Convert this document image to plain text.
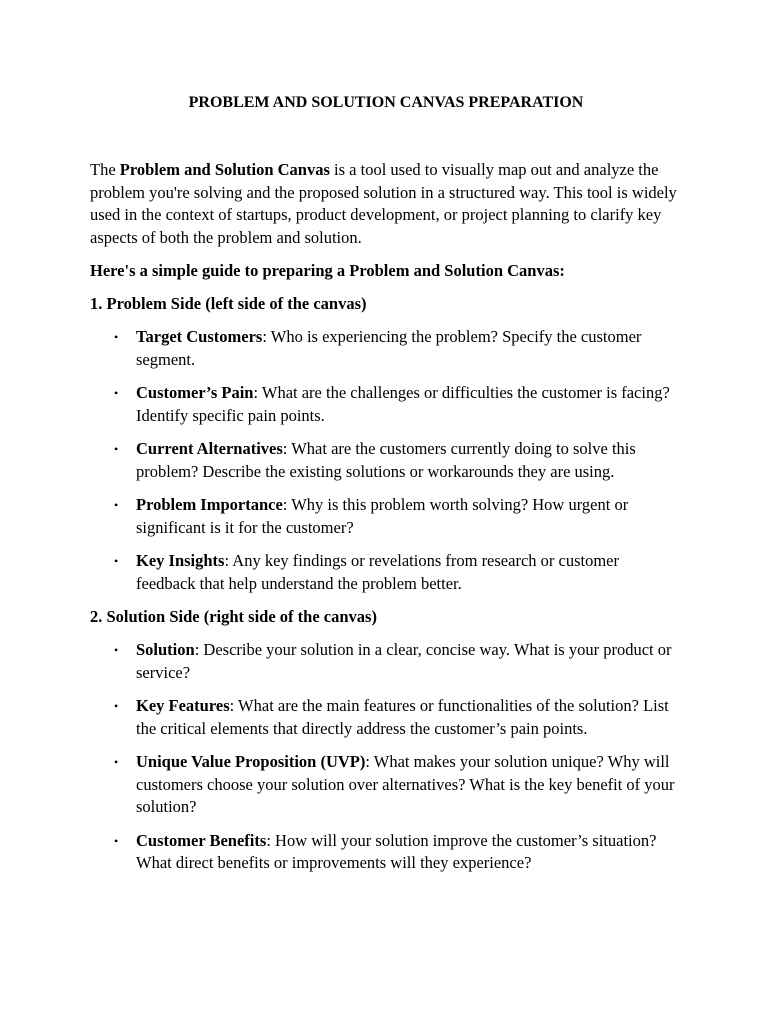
PROBLEM AND SOLUTION CANVAS PREPARATION

The Problem and Solution Canvas is a tool used to visually map out and analyze the problem you're solving and the proposed solution in a structured way. This tool is widely used in the context of startups, product development, or project planning to clarify key aspects of both the problem and solution.

Here's a simple guide to preparing a Problem and Solution Canvas:

1. Problem Side (left side of the canvas)
• Target Customers: Who is experiencing the problem? Specify the customer segment.
• Customer’s Pain: What are the challenges or difficulties the customer is facing? Identify specific pain points.
• Current Alternatives: What are the customers currently doing to solve this problem? Describe the existing solutions or workarounds they are using.
• Problem Importance: Why is this problem worth solving? How urgent or significant is it for the customer?
• Key Insights: Any key findings or revelations from research or customer feedback that help understand the problem better.
2. Solution Side (right side of the canvas)
• Solution: Describe your solution in a clear, concise way. What is your product or service?
• Key Features: What are the main features or functionalities of the solution? List the critical elements that directly address the customer’s pain points.
• Unique Value Proposition (UVP): What makes your solution unique? Why will customers choose your solution over alternatives? What is the key benefit of your solution?
• Customer Benefits: How will your solution improve the customer’s situation? What direct benefits or improvements will they experience?
